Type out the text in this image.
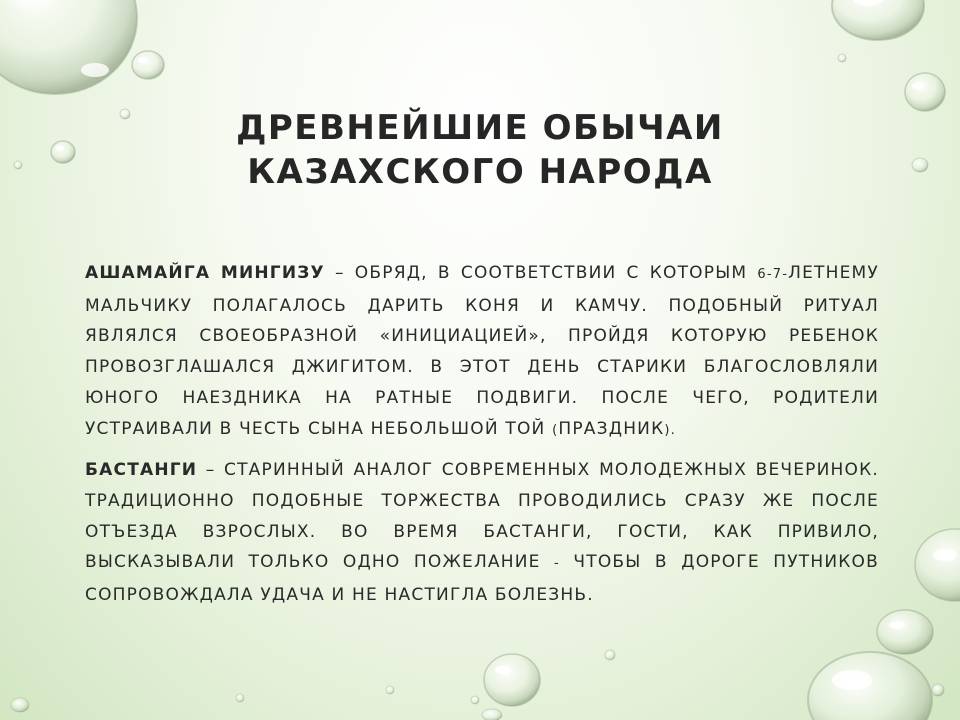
ДРЕВНЕЙШИЕ ОБЫЧАИ
КАЗАХСКОГО НАРОДА

АШАМАЙГА МИНГИЗУ – ОБРЯД, В СООТВЕТСТВИИ С КОТОРЫМ 6-7-ЛЕТНЕМУ МАЛЬЧИКУ ПОЛАГАЛОСЬ ДАРИТЬ КОНЯ И КАМЧУ. ПОДОБНЫЙ РИТУАЛ ЯВЛЯЛСЯ СВОЕОБРАЗНОЙ «ИНИЦИАЦИЕЙ», ПРОЙДЯ КОТОРУЮ РЕБЕНОК ПРОВОЗГЛАШАЛСЯ ДЖИГИТОМ. В ЭТОТ ДЕНЬ СТАРИКИ БЛАГОСЛОВЛЯЛИ ЮНОГО НАЕЗДНИКА НА РАТНЫЕ ПОДВИГИ. ПОСЛЕ ЧЕГО, РОДИТЕЛИ УСТРАИВАЛИ В ЧЕСТЬ СЫНА НЕБОЛЬШОЙ ТОЙ (ПРАЗДНИК).

БАСТАНГИ – СТАРИННЫЙ АНАЛОГ СОВРЕМЕННЫХ МОЛОДЕЖНЫХ ВЕЧЕРИНОК. ТРАДИЦИОННО ПОДОБНЫЕ ТОРЖЕСТВА ПРОВОДИЛИСЬ СРАЗУ ЖЕ ПОСЛЕ ОТЪЕЗДА ВЗРОСЛЫХ. ВО ВРЕМЯ БАСТАНГИ, ГОСТИ, КАК ПРИВИЛО, ВЫСКАЗЫВАЛИ ТОЛЬКО ОДНО ПОЖЕЛАНИЕ - ЧТОБЫ В ДОРОГЕ ПУТНИКОВ СОПРОВОЖДАЛА УДАЧА И НЕ НАСТИГЛА БОЛЕЗНЬ.
